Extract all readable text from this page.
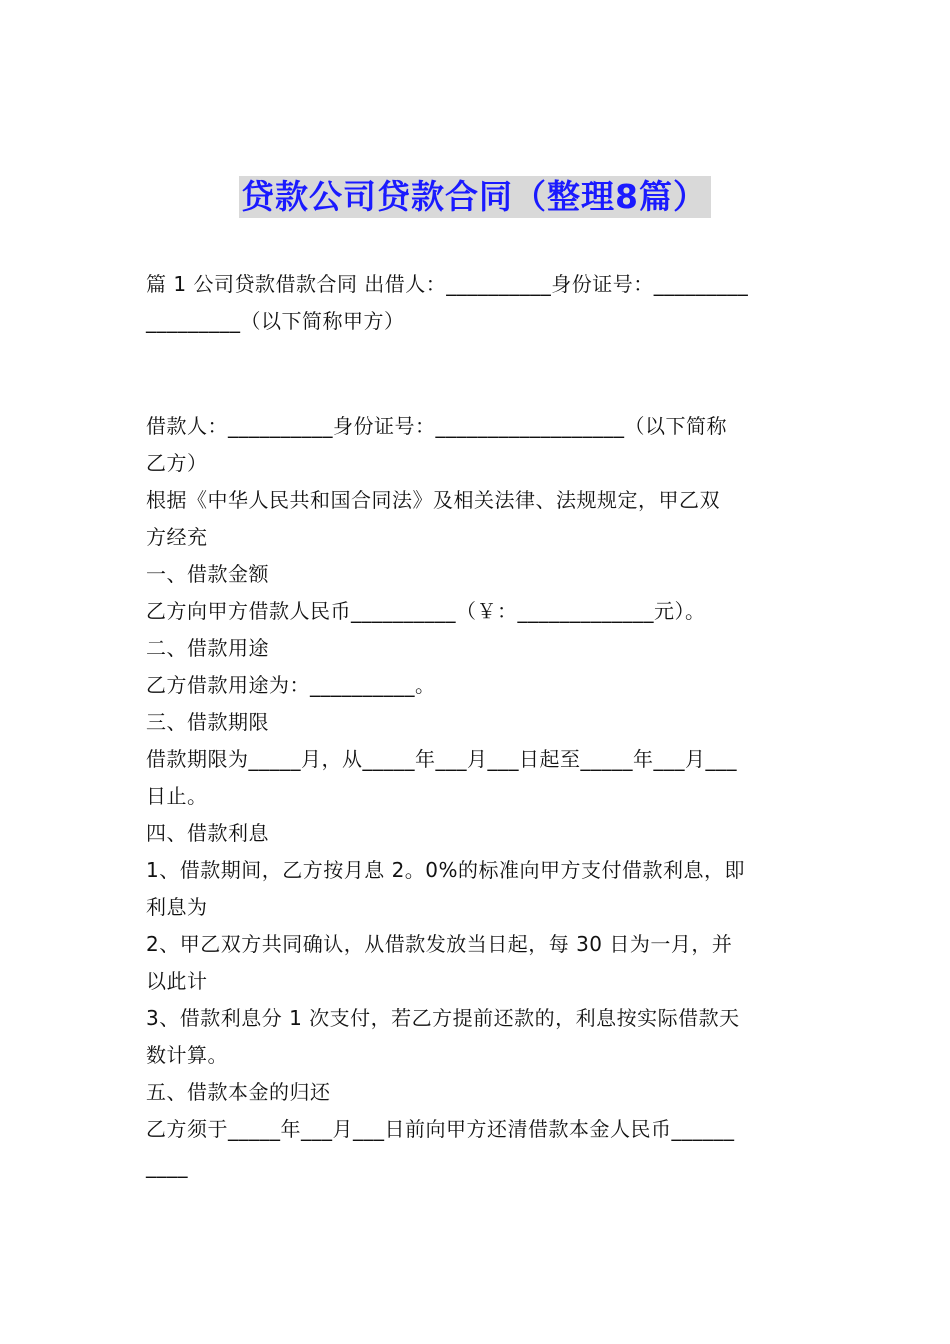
贷款公司贷款合同（整理8篇）
篇 1 公司贷款借款合同 出借人：__________身份证号：_________
_________（以下简称甲方）
借款人：__________身份证号：__________________（以下简称
乙方）
根据《中华人民共和国合同法》及相关法律、法规规定，甲乙双
方经充
一、借款金额
乙方向甲方借款人民币__________（￥：_____________元）。
二、借款用途
乙方借款用途为：__________。
三、借款期限
借款期限为_____月，从_____年___月___日起至_____年___月___
日止。
四、借款利息
1、借款期间，乙方按月息 2。0%的标准向甲方支付借款利息，即
利息为
2、甲乙双方共同确认，从借款发放当日起，每 30 日为一月，并
以此计
3、借款利息分 1 次支付，若乙方提前还款的，利息按实际借款天
数计算。
五、借款本金的归还
乙方须于_____年___月___日前向甲方还清借款本金人民币______
____
